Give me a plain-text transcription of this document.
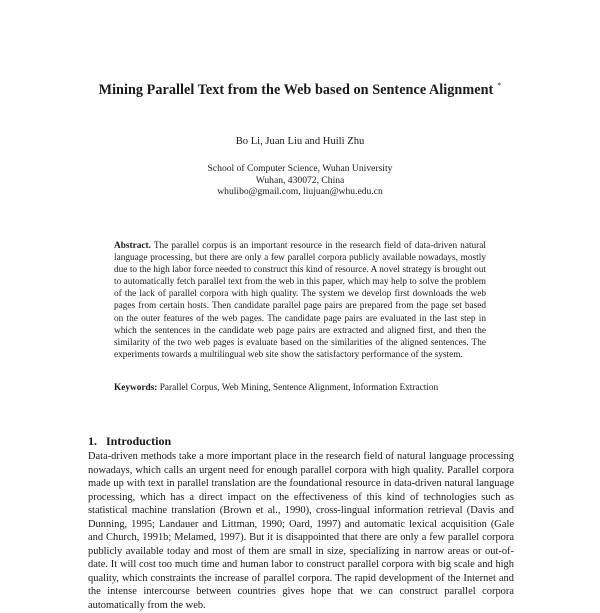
Mining Parallel Text from the Web based on Sentence Alignment *
Bo Li, Juan Liu and Huili Zhu
School of Computer Science, Wuhan University
Wuhan, 430072, China
whulibo@gmail.com, liujuan@whu.edu.cn
Abstract. The parallel corpus is an important resource in the research field of data-driven natural language processing, but there are only a few parallel corpora publicly available nowadays, mostly due to the high labor force needed to construct this kind of resource. A novel strategy is brought out to automatically fetch parallel text from the web in this paper, which may help to solve the problem of the lack of parallel corpora with high quality. The system we develop first downloads the web pages from certain hosts. Then candidate parallel page pairs are prepared from the page set based on the outer features of the web pages. The candidate page pairs are evaluated in the last step in which the sentences in the candidate web page pairs are extracted and aligned first, and then the similarity of the two web pages is evaluate based on the similarities of the aligned sentences. The experiments towards a multilingual web site show the satisfactory performance of the system.
Keywords: Parallel Corpus, Web Mining, Sentence Alignment, Information Extraction
1. Introduction
Data-driven methods take a more important place in the research field of natural language processing nowadays, which calls an urgent need for enough parallel corpora with high quality. Parallel corpora made up with text in parallel translation are the foundational resource in data-driven natural language processing, which has a direct impact on the effectiveness of this kind of technologies such as statistical machine translation (Brown et al., 1990), cross-lingual information retrieval (Davis and Dunning, 1995; Landauer and Littman, 1990; Oard, 1997) and automatic lexical acquisition (Gale and Church, 1991b; Melamed, 1997). But it is disappointed that there are only a few parallel corpora publicly available today and most of them are small in size, specializing in narrow areas or out-of-date. It will cost too much time and human labor to construct parallel corpora with big scale and high quality, which constraints the increase of parallel corpora. The rapid development of the Internet and the intense intercourse between countries gives hope that we can construct parallel corpora automatically from the web.
